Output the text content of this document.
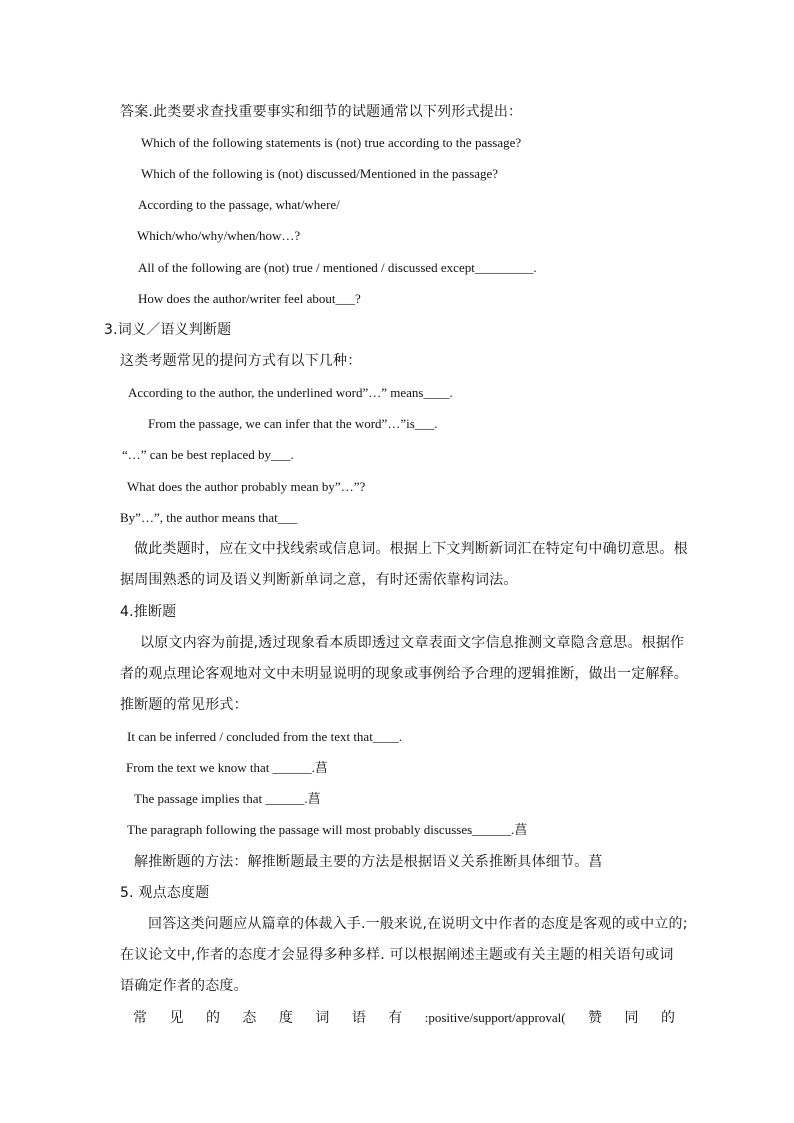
答案.此类要求查找重要事实和细节的试题通常以下列形式提出：
Which of the following statements is (not) true according to the passage?
Which of the following is (not) discussed/Mentioned in the passage?
According to the passage, what/where/
Which/who/why/when/how…?
All of the following are (not) true / mentioned / discussed except_________.
How does the author/writer feel about___?
3.词义／语义判断题
这类考题常见的提问方式有以下几种：
According to the author, the underlined word”…” means____.
From the passage, we can infer that the word”…”is___.
“…” can be best replaced by___.
What does the author probably mean by”…”?
By”…”, the author means that___
做此类题时，应在文中找线索或信息词。根据上下文判断新词汇在特定句中确切意思。根
据周围熟悉的词及语义判断新单词之意，有时还需依靠构词法。
4.推断题
以原文内容为前提,透过现象看本质即透过文章表面文字信息推测文章隐含意思。根据作
者的观点理论客观地对文中未明显说明的现象或事例给予合理的逻辑推断，做出一定解释。
推断题的常见形式：
It can be inferred / concluded from the text that____.
From the text we know that ______.菖
The passage implies that ______.菖
The paragraph following the passage will most probably discusses______.菖
解推断题的方法：解推断题最主要的方法是根据语义关系推断具体细节。菖
5. 观点态度题
回答这类问题应从篇章的体裁入手.一般来说,在说明文中作者的态度是客观的或中立的;
在议论文中,作者的态度才会显得多种多样. 可以根据阐述主题或有关主题的相关语句或词
语确定作者的态度。
常 见 的 态 度 词 语 有 :positive/support/approval( 赞 同 的
